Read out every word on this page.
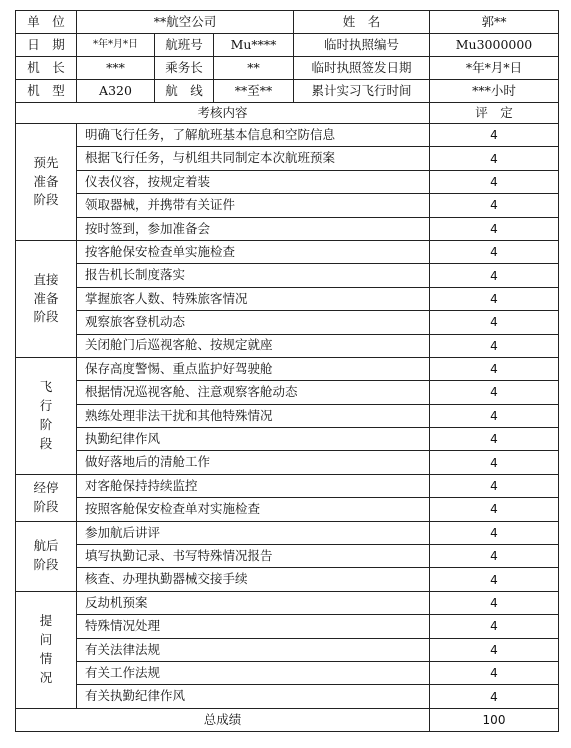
单　位	**航空公司			姓　名	郭**
日　期	*年*月*日	航班号	Mu****	临时执照编号	Mu3000000
机　长	***	乘务长	**	临时执照签发日期	*年*月*日
机　型	A320	航　线	**至**	累计实习飞行时间	***小时
考核内容					评　定

预先
准备
阶段	明确飞行任务，了解航班基本信息和空防信息				4
	根据飞行任务，与机组共同制定本次航班预案				4
	仪表仪容，按规定着装				4
	领取器械，并携带有关证件				4
	按时签到，参加准备会				4

直接
准备
阶段	按客舱保安检查单实施检查				4
	报告机长制度落实				4
	掌握旅客人数、特殊旅客情况				4
	观察旅客登机动态				4
	关闭舱门后巡视客舱、按规定就座				4

飞
行
阶
段	保存高度警惕、重点监护好驾驶舱				4
	根据情况巡视客舱、注意观察客舱动态				4
	熟练处理非法干扰和其他特殊情况				4
	执勤纪律作风				4
	做好落地后的清舱工作				4

经停
阶段	对客舱保持持续监控				4
	按照客舱保安检查单对实施检查				4

航后
阶段	参加航后讲评				4
	填写执勤记录、书写特殊情况报告				4
	核查、办理执勤器械交接手续				4

提
问
情
况	反劫机预案				4
	特殊情况处理				4
	有关法律法规				4
	有关工作法规				4
	有关执勤纪律作风				4
总成绩					100
